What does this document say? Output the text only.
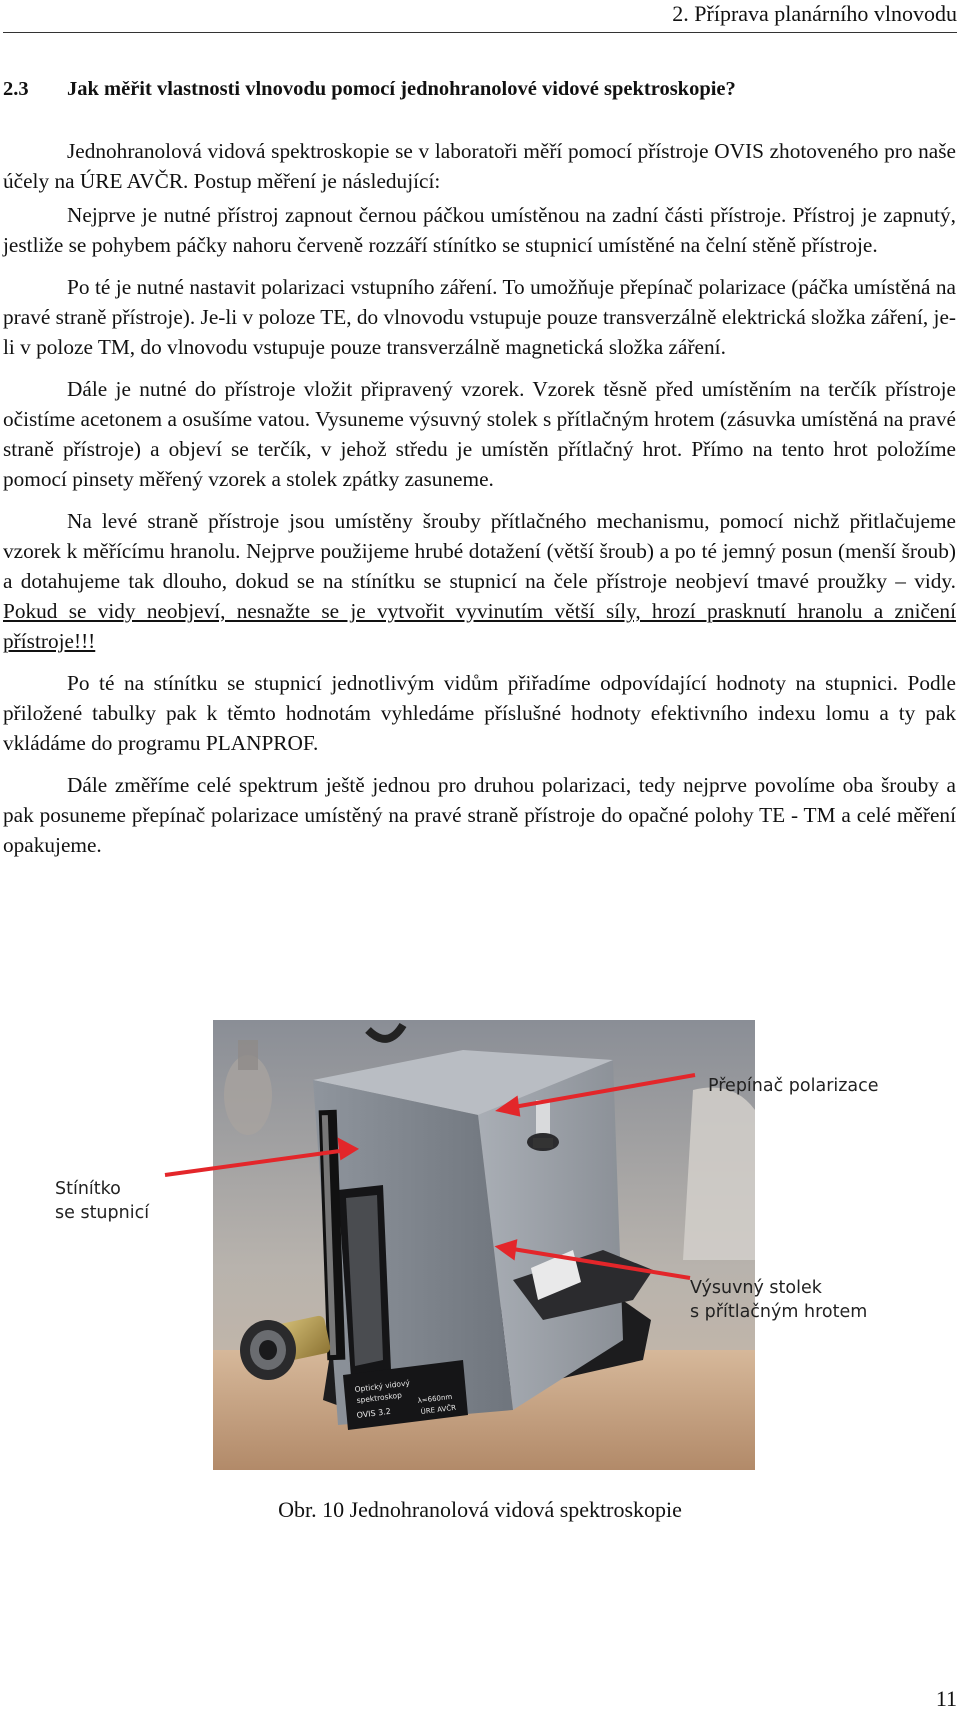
2. Příprava planárního vlnovodu
2.3 Jak měřit vlastnosti vlnovodu pomocí jednohranolové vidové spektroskopie?

Jednohranolová vidová spektroskopie se v laboratoři měří pomocí přístroje OVIS zhotoveného pro naše účely na ÚRE AVČR. Postup měření je následující:

Nejprve je nutné přístroj zapnout černou páčkou umístěnou na zadní části přístroje. Přístroj je zapnutý, jestliže se pohybem páčky nahoru červeně rozzáří stínítko se stupnicí umístěné na čelní stěně přístroje.

Po té je nutné nastavit polarizaci vstupního záření. To umožňuje přepínač polarizace (páčka umístěná na pravé straně přístroje). Je-li v poloze TE, do vlnovodu vstupuje pouze transverzálně elektrická složka záření, je-li v poloze TM, do vlnovodu vstupuje pouze transverzálně magnetická složka záření.

Dále je nutné do přístroje vložit připravený vzorek. Vzorek těsně před umístěním na terčík přístroje očistíme acetonem a osušíme vatou. Vysuneme výsuvný stolek s přítlačným hrotem (zásuvka umístěná na pravé straně přístroje) a objeví se terčík, v jehož středu je umístěn přítlačný hrot. Přímo na tento hrot položíme pomocí pinsety měřený vzorek a stolek zpátky zasuneme.

Na levé straně přístroje jsou umístěny šrouby přítlačného mechanismu, pomocí nichž přitlačujeme vzorek k měřícímu hranolu. Nejprve použijeme hrubé dotažení (větší šroub) a po té jemný posun (menší šroub) a dotahujeme tak dlouho, dokud se na stínítku se stupnicí na čele přístroje neobjeví tmavé proužky – vidy. Pokud se vidy neobjeví, nesnažte se je vytvořit vyvinutím větší síly, hrozí prasknutí hranolu a zničení přístroje!!!

Po té na stínítku se stupnicí jednotlivým vidům přiřadíme odpovídající hodnoty na stupnici. Podle přiložené tabulky pak k těmto hodnotám vyhledáme příslušné hodnoty efektivního indexu lomu a ty pak vkládáme do programu PLANPROF.

Dále změříme celé spektrum ještě jednou pro druhou polarizaci, tedy nejprve povolíme oba šrouby a pak posuneme přepínač polarizace umístěný na pravé straně přístroje do opačné polohy TE - TM a celé měření opakujeme.

Optický vidový
spektroskop
OVIS 3.2
λ=660nm
ÚRE AVČR
Přepínač polarizace
Stínítko
se stupnicí
Výsuvný stolek
s přítlačným hrotem
Obr. 10 Jednohranolová vidová spektroskopie
11
